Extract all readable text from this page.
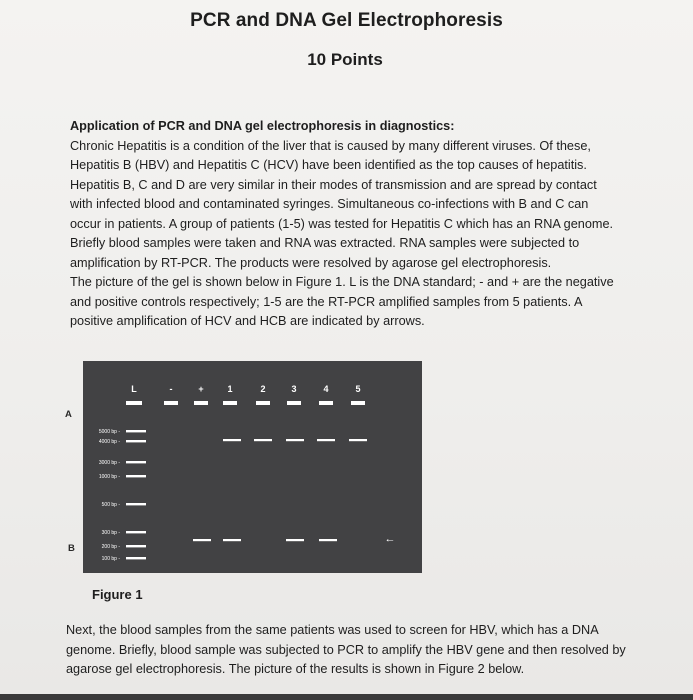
PCR and DNA Gel Electrophoresis
10 Points
Application of PCR and DNA gel electrophoresis in diagnostics:

Chronic Hepatitis is a condition of the liver that is caused by many different viruses. Of these, Hepatitis B (HBV) and Hepatitis C (HCV) have been identified as the top causes of hepatitis. Hepatitis B, C and D are very similar in their modes of transmission and are spread by contact with infected blood and contaminated syringes. Simultaneous co-infections with B and C can occur in patients. A group of patients (1-5) was tested for Hepatitis C which has an RNA genome. Briefly blood samples were taken and RNA was extracted. RNA samples were subjected to amplification by RT-PCR. The products were resolved by agarose gel electrophoresis.

The picture of the gel is shown below in Figure 1. L is the DNA standard; - and + are the negative and positive controls respectively; 1-5 are the RT-PCR amplified samples from 5 patients. A positive amplification of HCV and HCB are indicated by arrows.

A
B
L	-	+	1	2	3	4	5
5000 bp -
4000 bp -
3000 bp -
1000 bp -
500 bp -
300 bp -
200 bp -
100 bp -
←
Figure 1
Next, the blood samples from the same patients was used to screen for HBV, which has a DNA genome. Briefly, blood sample was subjected to PCR to amplify the HBV gene and then resolved by agarose gel electrophoresis. The picture of the results is shown in Figure 2 below.
